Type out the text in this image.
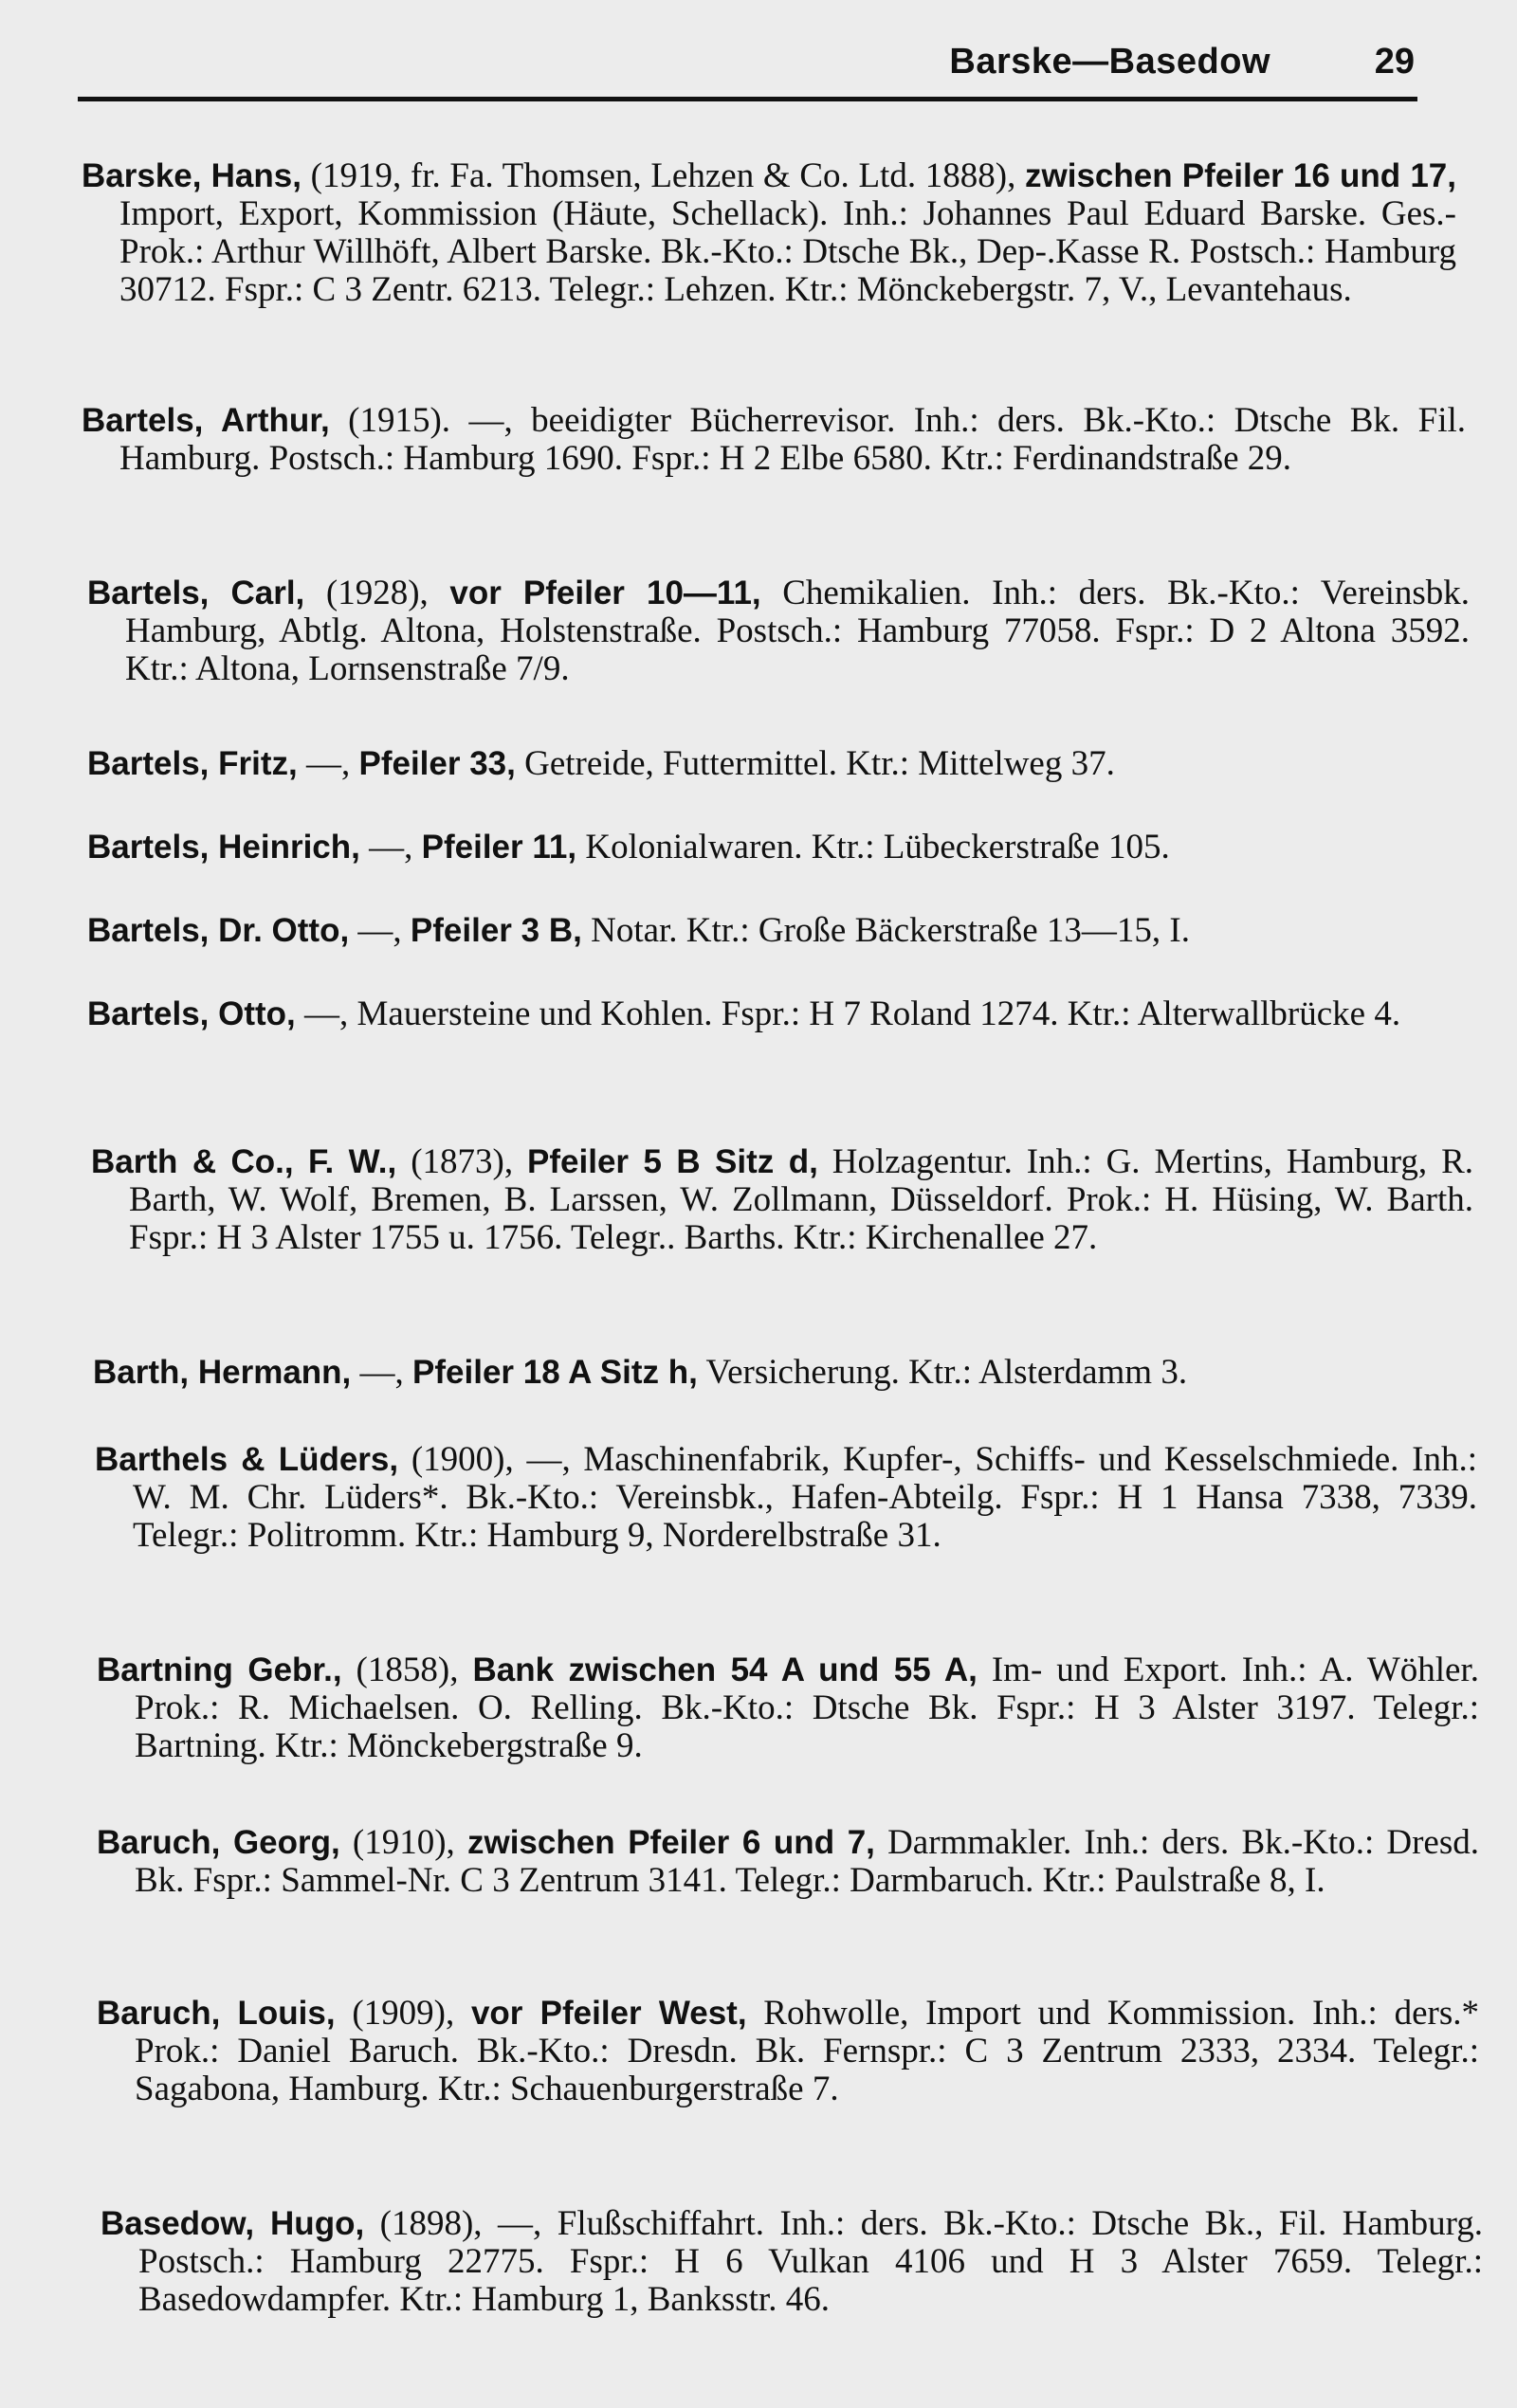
Barske—Basedow	29

Barske, Hans, (1919, fr. Fa. Thomsen, Lehzen & Co. Ltd. 1888), zwischen Pfeiler 16 und 17, Import, Export, Kommission (Häute, Schellack). Inh.: Johannes Paul Eduard Barske. Ges.-Prok.: Arthur Willhöft, Albert Barske. Bk.-Kto.: Dtsche Bk., Dep-.Kasse R. Postsch.: Hamburg 30712. Fspr.: C 3 Zentr. 6213. Telegr.: Lehzen. Ktr.: Mönckebergstr. 7, V., Levantehaus.

Bartels, Arthur, (1915). —, beeidigter Bücherrevisor. Inh.: ders. Bk.-Kto.: Dtsche Bk. Fil. Hamburg. Postsch.: Hamburg 1690. Fspr.: H 2 Elbe 6580. Ktr.: Ferdinandstraße 29.

Bartels, Carl, (1928), vor Pfeiler 10—11, Chemikalien. Inh.: ders. Bk.-Kto.: Vereinsbk. Hamburg, Abtlg. Altona, Holstenstraße. Postsch.: Hamburg 77058. Fspr.: D 2 Altona 3592. Ktr.: Altona, Lornsenstraße 7/9.

Bartels, Fritz, —, Pfeiler 33, Getreide, Futtermittel. Ktr.: Mittelweg 37.

Bartels, Heinrich, —, Pfeiler 11, Kolonialwaren. Ktr.: Lübeckerstraße 105.

Bartels, Dr. Otto, —, Pfeiler 3 B, Notar. Ktr.: Große Bäckerstraße 13—15, I.

Bartels, Otto, —, Mauersteine und Kohlen. Fspr.: H 7 Roland 1274. Ktr.: Alterwallbrücke 4.

Barth & Co., F. W., (1873), Pfeiler 5 B Sitz d, Holzagentur. Inh.: G. Mertins, Hamburg, R. Barth, W. Wolf, Bremen, B. Larssen, W. Zollmann, Düsseldorf. Prok.: H. Hüsing, W. Barth. Fspr.: H 3 Alster 1755 u. 1756. Telegr.. Barths. Ktr.: Kirchenallee 27.

Barth, Hermann, —, Pfeiler 18 A Sitz h, Versicherung. Ktr.: Alsterdamm 3.

Barthels & Lüders, (1900), —, Maschinenfabrik, Kupfer-, Schiffs- und Kesselschmiede. Inh.: W. M. Chr. Lüders*. Bk.-Kto.: Vereinsbk., Hafen-Abteilg. Fspr.: H 1 Hansa 7338, 7339. Telegr.: Politromm. Ktr.: Hamburg 9, Norderelbstraße 31.

Bartning Gebr., (1858), Bank zwischen 54 A und 55 A, Im- und Export. Inh.: A. Wöhler. Prok.: R. Michaelsen. O. Relling. Bk.-Kto.: Dtsche Bk. Fspr.: H 3 Alster 3197. Telegr.: Bartning. Ktr.: Mönckebergstraße 9.

Baruch, Georg, (1910), zwischen Pfeiler 6 und 7, Darmmakler. Inh.: ders. Bk.-Kto.: Dresd. Bk. Fspr.: Sammel-Nr. C 3 Zentrum 3141. Telegr.: Darmbaruch. Ktr.: Paulstraße 8, I.

Baruch, Louis, (1909), vor Pfeiler West, Rohwolle, Import und Kommission. Inh.: ders.* Prok.: Daniel Baruch. Bk.-Kto.: Dresdn. Bk. Fernspr.: C 3 Zentrum 2333, 2334. Telegr.: Sagabona, Hamburg. Ktr.: Schauenburgerstraße 7.

Basedow, Hugo, (1898), —, Flußschiffahrt. Inh.: ders. Bk.-Kto.: Dtsche Bk., Fil. Hamburg. Postsch.: Hamburg 22775. Fspr.: H 6 Vulkan 4106 und H 3 Alster 7659. Telegr.: Basedowdampfer. Ktr.: Hamburg 1, Banksstr. 46.
